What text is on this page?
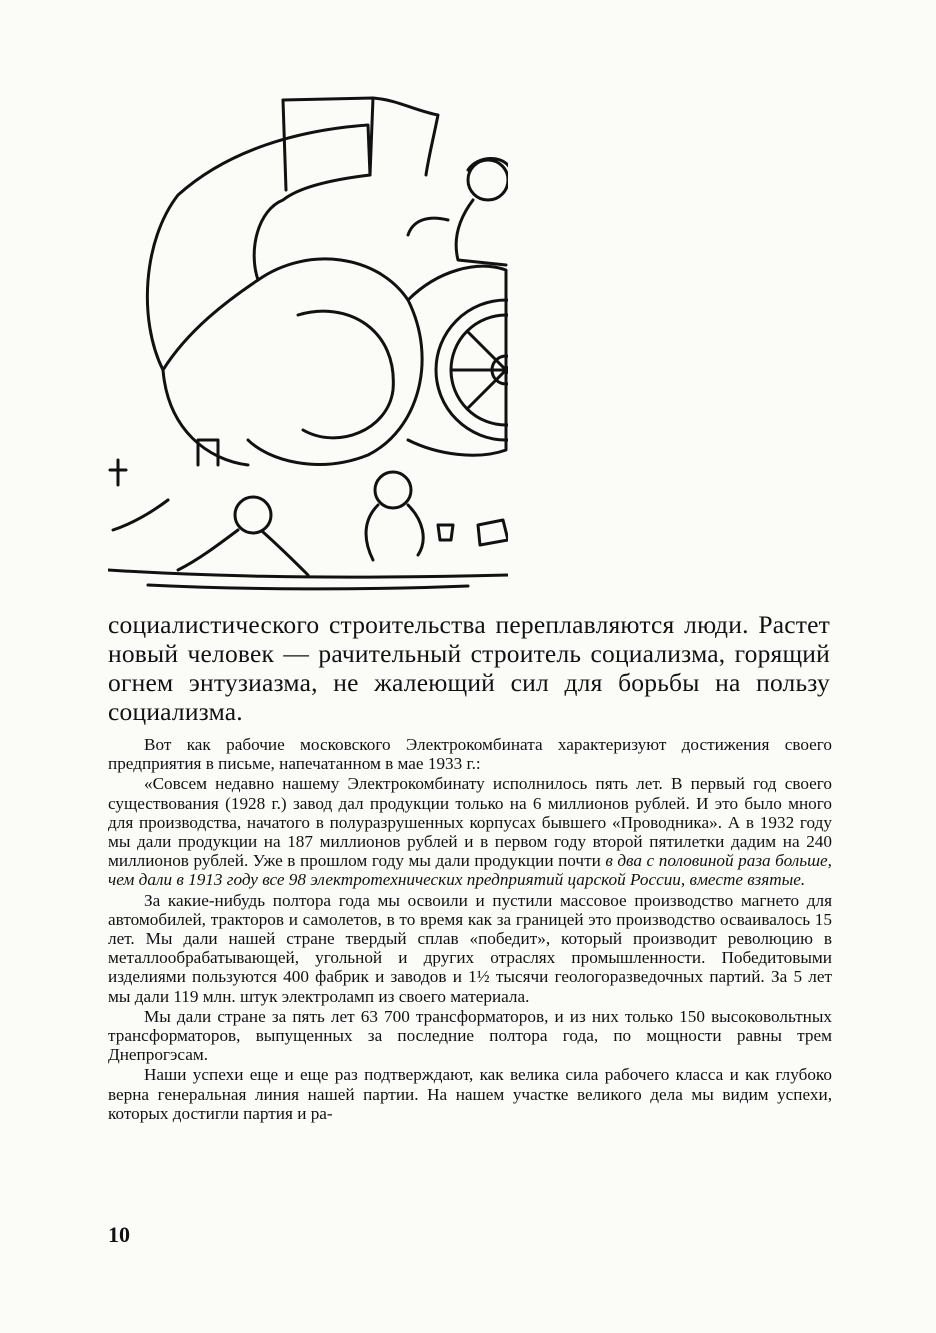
социалистического строительства переплавляются люди. Растет новый человек — рачительный строитель социализма, горящий огнем энтузиазма, не жалеющий сил для борьбы на пользу социализма.

Вот как рабочие московского Электрокомбината характеризуют достижения своего предприятия в письме, напечатанном в мае 1933 г.:

«Совсем недавно нашему Электрокомбинату исполнилось пять лет. В первый год своего существования (1928 г.) завод дал продукции только на 6 миллионов рублей. И это было много для производства, начатого в полуразрушенных корпусах бывшего «Проводника». А в 1932 году мы дали продукции на 187 миллионов рублей и в первом году второй пятилетки дадим на 240 миллионов рублей. Уже в прошлом году мы дали продукции почти в два с половиной раза больше, чем дали в 1913 году все 98 электротехнических предприятий царской России, вместе взятые.

За какие-нибудь полтора года мы освоили и пустили массовое производство магнето для автомобилей, тракторов и самолетов, в то время как за границей это производство осваивалось 15 лет. Мы дали нашей стране твердый сплав «победит», который производит революцию в металлообрабатывающей, угольной и других отраслях промышленности. Победитовыми изделиями пользуются 400 фабрик и заводов и 1½ тысячи геологоразведочных партий. За 5 лет мы дали 119 млн. штук электроламп из своего материала.

Мы дали стране за пять лет 63 700 трансформаторов, и из них только 150 высоковольтных трансформаторов, выпущенных за последние полтора года, по мощности равны трем Днепрогэсам.

Наши успехи еще и еще раз подтверждают, как велика сила рабочего класса и как глубоко верна генеральная линия нашей партии. На нашем участке великого дела мы видим успехи, которых достигли партия и ра-

10
